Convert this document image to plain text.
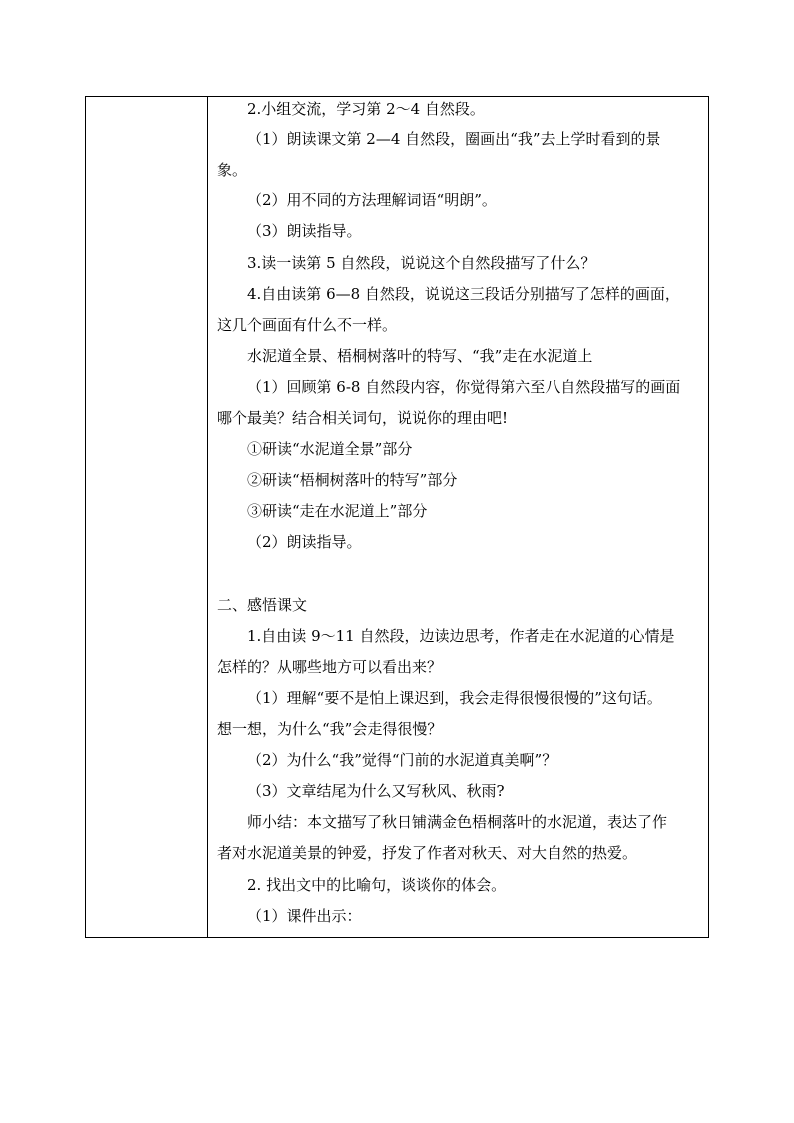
2.小组交流，学习第 2～4 自然段。
（1）朗读课文第 2—4 自然段，圈画出“我”去上学时看到的景
象。
（2）用不同的方法理解词语“明朗”。
（3）朗读指导。
3.读一读第 5 自然段，说说这个自然段描写了什么？
4.自由读第 6—8 自然段，说说这三段话分别描写了怎样的画面，
这几个画面有什么不一样。
水泥道全景、梧桐树落叶的特写、“我”走在水泥道上
（1）回顾第 6-8 自然段内容，你觉得第六至八自然段描写的画面
哪个最美？结合相关词句，说说你的理由吧!
①研读“水泥道全景”部分
②研读“梧桐树落叶的特写”部分
③研读“走在水泥道上”部分
（2）朗读指导。
二、感悟课文
1.自由读 9～11 自然段，边读边思考，作者走在水泥道的心情是
怎样的？从哪些地方可以看出来？
（1）理解“要不是怕上课迟到，我会走得很慢很慢的”这句话。
想一想，为什么“我”会走得很慢？
（2）为什么“我”觉得“门前的水泥道真美啊”？
（3）文章结尾为什么又写秋风、秋雨?
师小结：本文描写了秋日铺满金色梧桐落叶的水泥道，表达了作
者对水泥道美景的钟爱，抒发了作者对秋天、对大自然的热爱。
2. 找出文中的比喻句，谈谈你的体会。
（1）课件出示：
